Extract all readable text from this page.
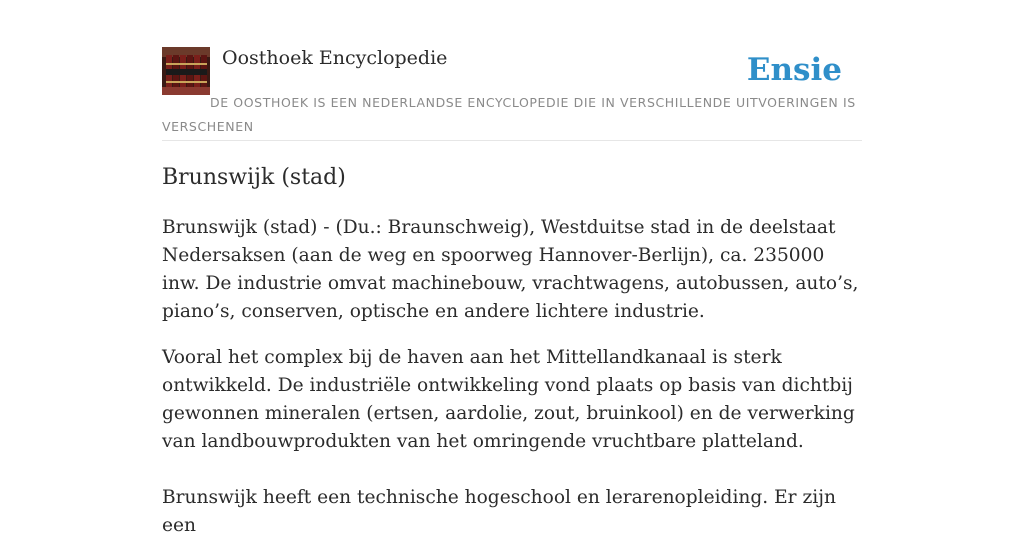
Oosthoek Encyclopedie	Ensie
DE OOSTHOEK IS EEN NEDERLANDSE ENCYCLOPEDIE DIE IN VERSCHILLENDE UITVOERINGEN IS VERSCHENEN
Brunswijk (stad)

Brunswijk (stad) - (Du.: Braunschweig), Westduitse stad in de deelstaat Nedersaksen (aan de weg en spoorweg Hannover-Berlijn), ca. 235000 inw. De industrie omvat machinebouw, vrachtwagens, autobussen, auto’s, piano’s, conserven, optische en andere lichtere industrie.

Vooral het complex bij de haven aan het Mittellandkanaal is sterk ontwikkeld. De industriële ontwikkeling vond plaats op basis van dichtbij gewonnen mineralen (ertsen, aardolie, zout, bruinkool) en de verwerking van landbouwprodukten van het omringende vruchtbare platteland.

Brunswijk heeft een technische hogeschool en lerarenopleiding. Er zijn een
